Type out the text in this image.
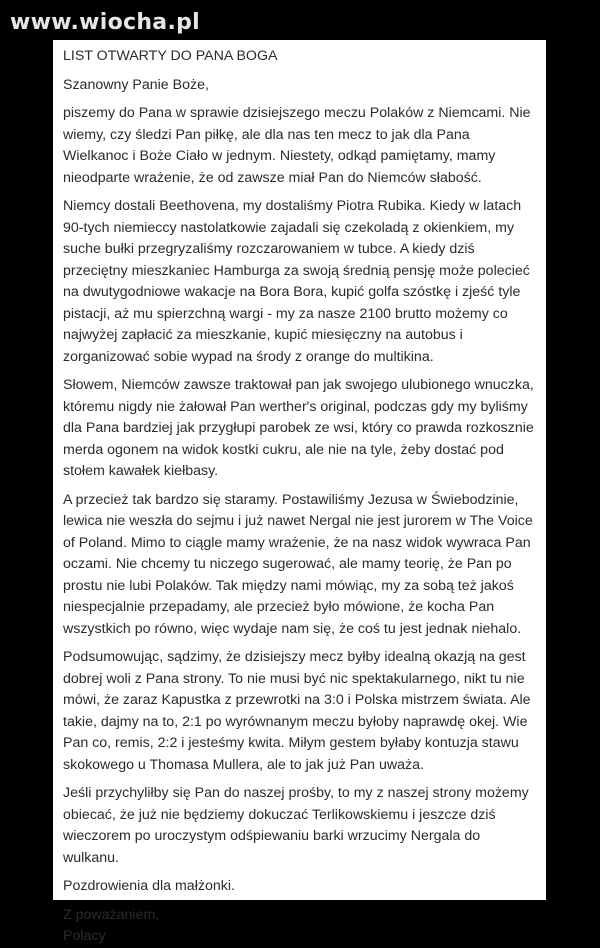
www.wiocha.pl

LIST OTWARTY DO PANA BOGA

Szanowny Panie Boże,

piszemy do Pana w sprawie dzisiejszego meczu Polaków z Niemcami. Nie wiemy, czy śledzi Pan piłkę, ale dla nas ten mecz to jak dla Pana Wielkanoc i Boże Ciało w jednym. Niestety, odkąd pamiętamy, mamy nieodparte wrażenie, że od zawsze miał Pan do Niemców słabość.

Niemcy dostali Beethovena, my dostaliśmy Piotra Rubika. Kiedy w latach 90-tych niemieccy nastolatkowie zajadali się czekoladą z okienkiem, my suche bułki przegryzaliśmy rozczarowaniem w tubce. A kiedy dziś przeciętny mieszkaniec Hamburga za swoją średnią pensję może polecieć na dwutygodniowe wakacje na Bora Bora, kupić golfa szóstkę i zjeść tyle pistacji, aż mu spierzchną wargi - my za nasze 2100 brutto możemy co najwyżej zapłacić za mieszkanie, kupić miesięczny na autobus i zorganizować sobie wypad na środy z orange do multikina.

Słowem, Niemców zawsze traktował pan jak swojego ulubionego wnuczka, któremu nigdy nie żałował Pan werther's original, podczas gdy my byliśmy dla Pana bardziej jak przygłupi parobek ze wsi, który co prawda rozkosznie merda ogonem na widok kostki cukru, ale nie na tyle, żeby dostać pod stołem kawałek kiełbasy.

A przecież tak bardzo się staramy. Postawiliśmy Jezusa w Świebodzinie, lewica nie weszła do sejmu i już nawet Nergal nie jest jurorem w The Voice of Poland. Mimo to ciągle mamy wrażenie, że na nasz widok wywraca Pan oczami. Nie chcemy tu niczego sugerować, ale mamy teorię, że Pan po prostu nie lubi Polaków. Tak między nami mówiąc, my za sobą też jakoś niespecjalnie przepadamy, ale przecież było mówione, że kocha Pan wszystkich po równo, więc wydaje nam się, że coś tu jest jednak niehalo.

Podsumowując, sądzimy, że dzisiejszy mecz byłby idealną okazją na gest dobrej woli z Pana strony. To nie musi być nic spektakularnego, nikt tu nie mówi, że zaraz Kapustka z przewrotki na 3:0 i Polska mistrzem świata. Ale takie, dajmy na to, 2:1 po wyrównanym meczu byłoby naprawdę okej. Wie Pan co, remis, 2:2 i jesteśmy kwita. Miłym gestem byłaby kontuzja stawu skokowego u Thomasa Mullera, ale to jak już Pan uważa.

Jeśli przychyliłby się Pan do naszej prośby, to my z naszej strony możemy obiecać, że już nie będziemy dokuczać Terlikowskiemu i jeszcze dziś wieczorem po uroczystym odśpiewaniu barki wrzucimy Nergala do wulkanu.

Pozdrowienia dla małżonki.

Z poważaniem,

Polacy
